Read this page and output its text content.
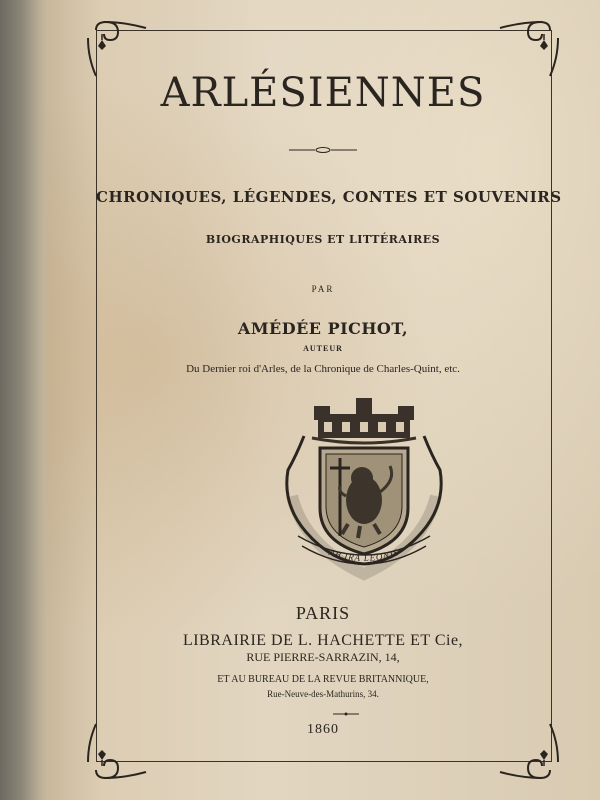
ARLÉSIENNES
CHRONIQUES, LÉGENDES, CONTES ET SOUVENIRS
BIOGRAPHIQUES ET LITTÉRAIRES
PAR
AMÉDÉE PICHOT,
AUTEUR
Du Dernier roi d'Arles, de la Chronique de Charles-Quint, etc.
AB IRA LEONIS
PARIS
LIBRAIRIE DE L. HACHETTE ET Cie,
RUE PIERRE-SARRAZIN, 14,
ET AU BUREAU DE LA REVUE BRITANNIQUE,
Rue-Neuve-des-Mathurins, 34.
1860
